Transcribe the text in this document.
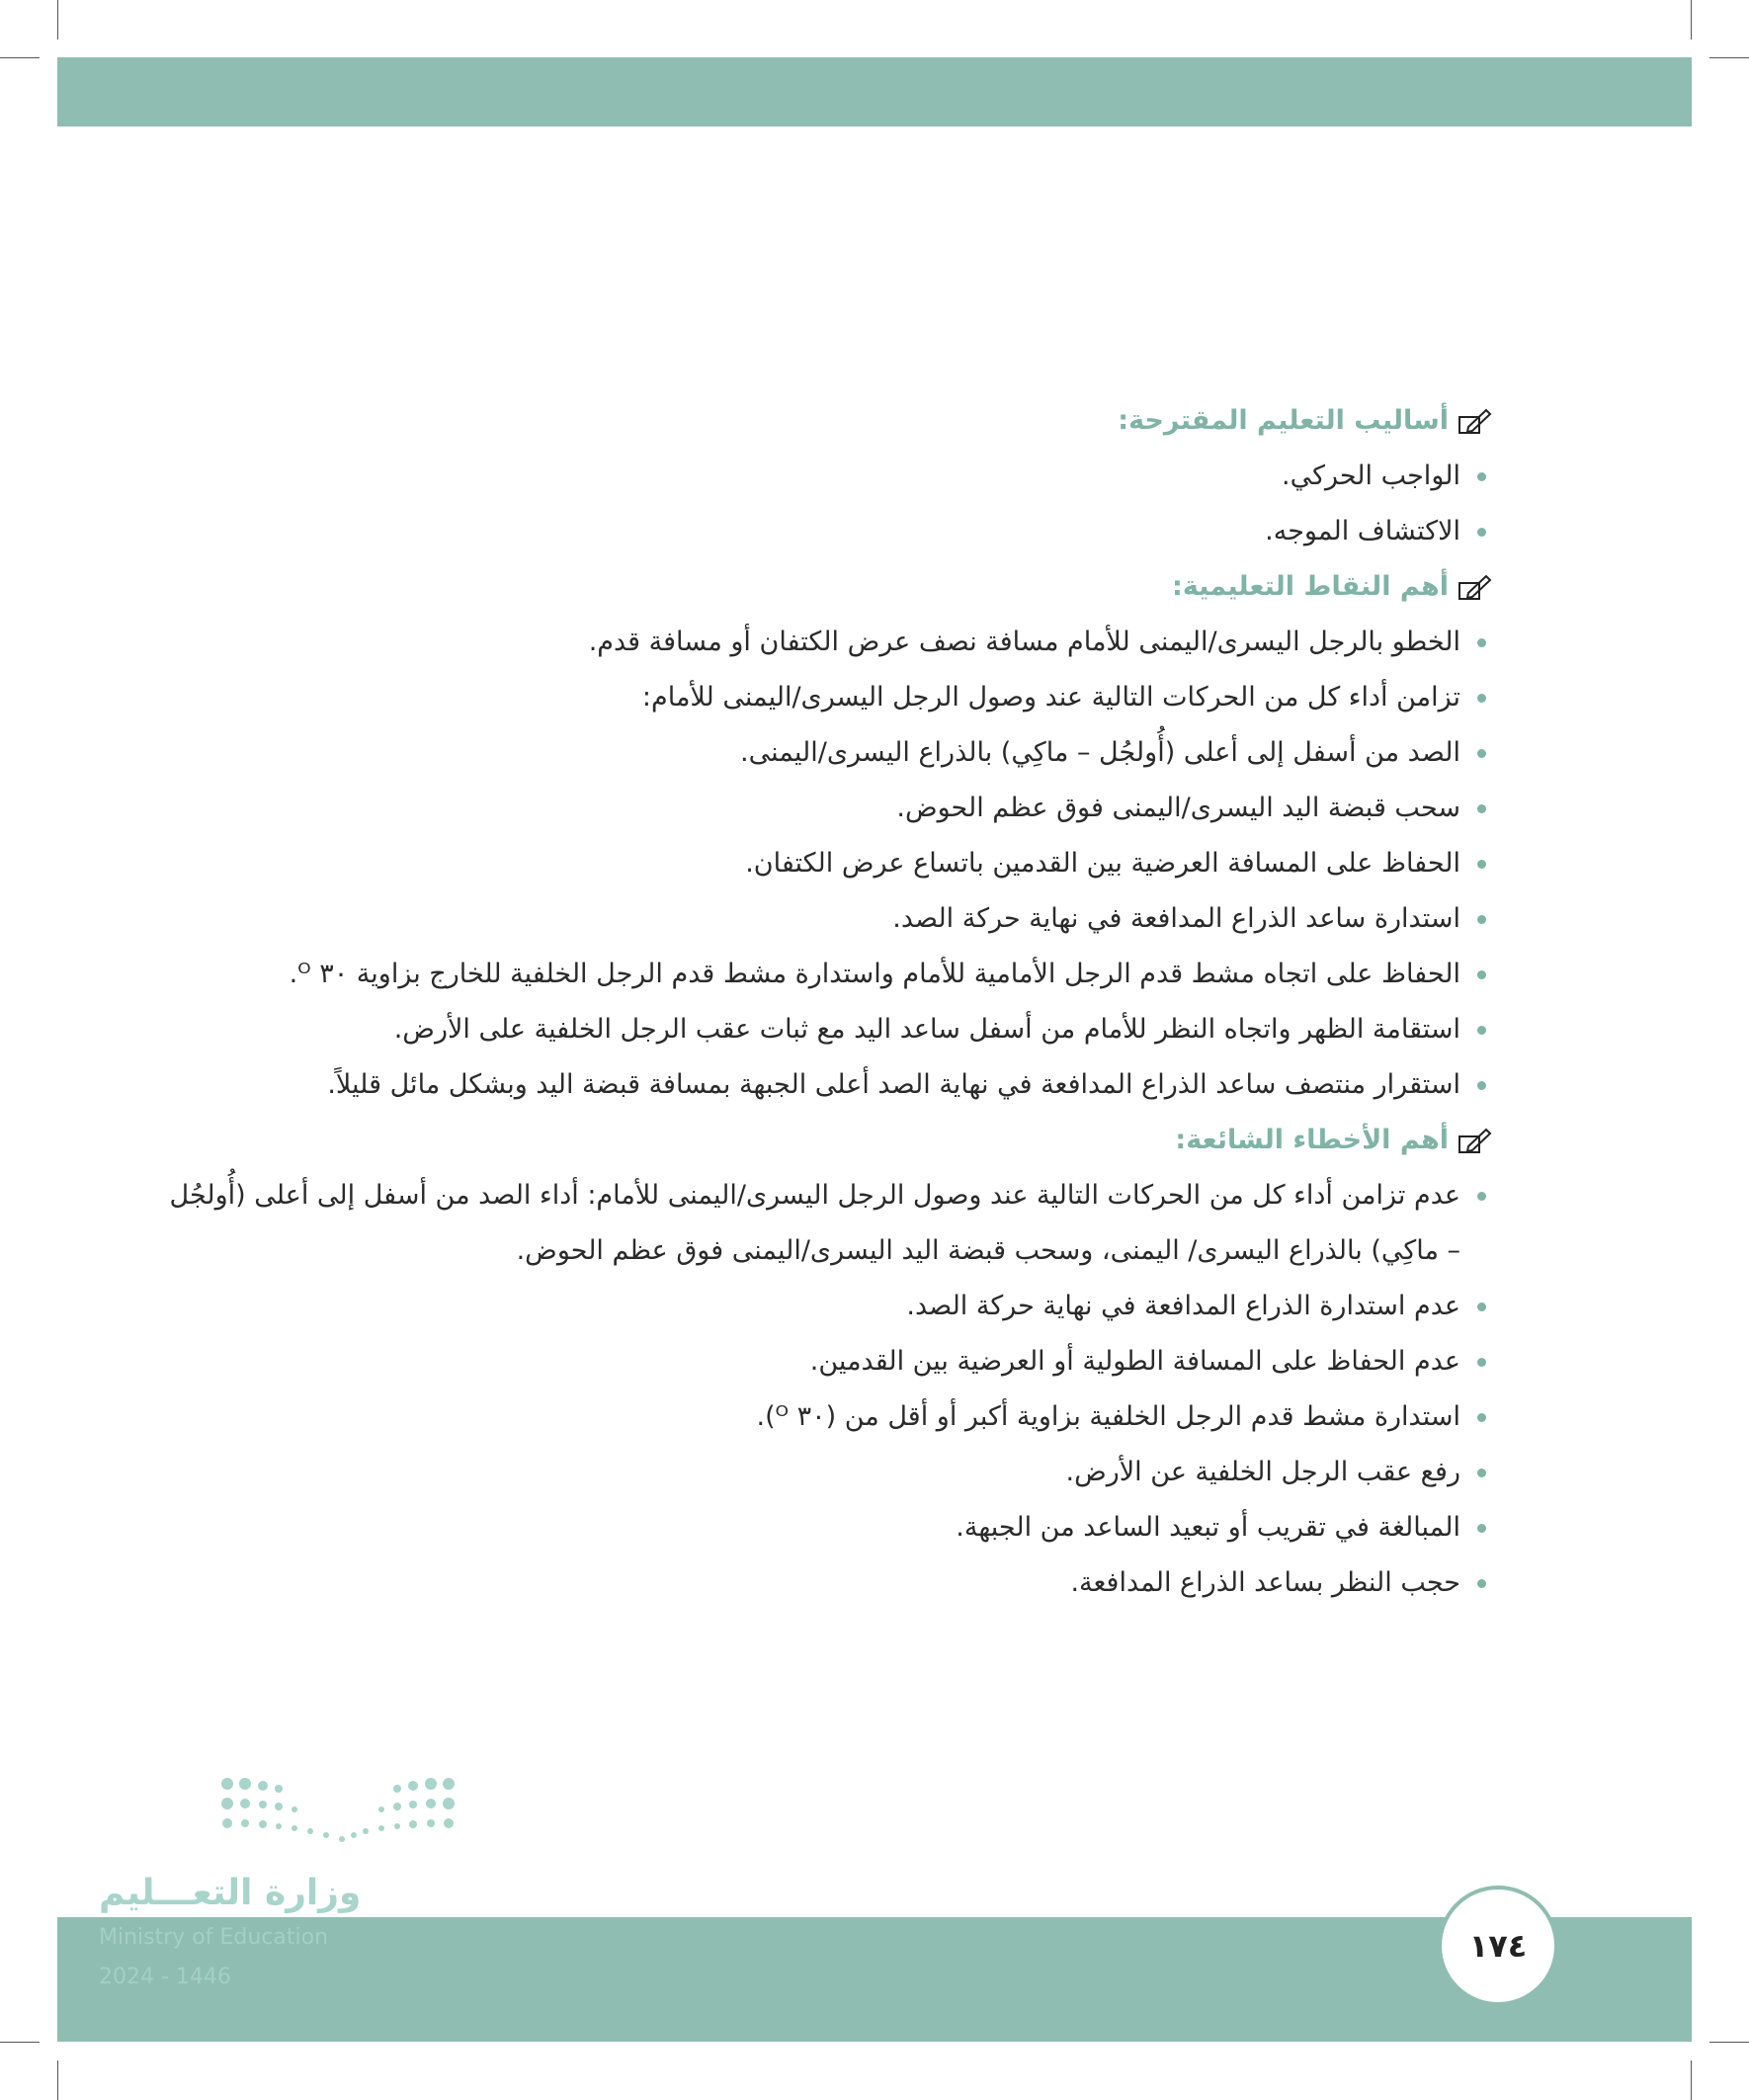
أساليب التعليم المقترحة:
الواجب الحركي.
الاكتشاف الموجه.
أهم النقاط التعليمية:
الخطو بالرجل اليسرى/اليمنى للأمام مسافة نصف عرض الكتفان أو مسافة قدم.
تزامن أداء كل من الحركات التالية عند وصول الرجل اليسرى/اليمنى للأمام:
الصد من أسفل إلى أعلى (أُولجُل – ماكِي) بالذراع اليسرى/اليمنى.
سحب قبضة اليد اليسرى/اليمنى فوق عظم الحوض.
الحفاظ على المسافة العرضية بين القدمين باتساع عرض الكتفان.
استدارة ساعد الذراع المدافعة في نهاية حركة الصد.
الحفاظ على اتجاه مشط قدم الرجل الأمامية للأمام واستدارة مشط قدم الرجل الخلفية للخارج بزاوية ٣٠ ᴼ.
استقامة الظهر واتجاه النظر للأمام من أسفل ساعد اليد مع ثبات عقب الرجل الخلفية على الأرض.
استقرار منتصف ساعد الذراع المدافعة في نهاية الصد أعلى الجبهة بمسافة قبضة اليد وبشكل مائل قليلاً.
أهم الأخطاء الشائعة:
عدم تزامن أداء كل من الحركات التالية عند وصول الرجل اليسرى/اليمنى للأمام: أداء الصد من أسفل إلى أعلى (أُولجُل
– ماكِي) بالذراع اليسرى/ اليمنى، وسحب قبضة اليد اليسرى/اليمنى فوق عظم الحوض.
عدم استدارة الذراع المدافعة في نهاية حركة الصد.
عدم الحفاظ على المسافة الطولية أو العرضية بين القدمين.
استدارة مشط قدم الرجل الخلفية بزاوية أكبر أو أقل من (٣٠ ᴼ).
رفع عقب الرجل الخلفية عن الأرض.
المبالغة في تقريب أو تبعيد الساعد من الجبهة.
حجب النظر بساعد الذراع المدافعة.
وزارة التعـــليم
Ministry of Education
2024 - 1446
١٧٤
